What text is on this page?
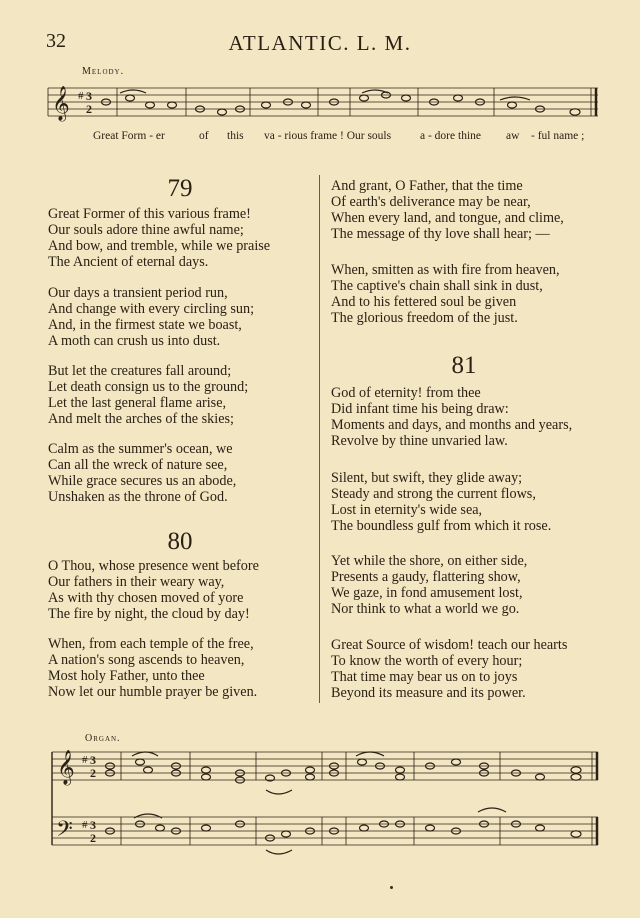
32	ATLANTIC. L. M.
Melody.
𝄞 # 3
2
Great Form - er	of this va - rious frame ! Our souls	a - dore thine aw - ful name ;
79
Great Former of this various frame!
Our souls adore thine awful name;
And bow, and tremble, while we praise
The Ancient of eternal days.
Our days a transient period run,
And change with every circling sun;
And, in the firmest state we boast,
A moth can crush us into dust.
But let the creatures fall around;
Let death consign us to the ground;
Let the last general flame arise,
And melt the arches of the skies;
Calm as the summer's ocean, we
Can all the wreck of nature see,
While grace secures us an abode,
Unshaken as the throne of God.
80
O Thou, whose presence went before
Our fathers in their weary way,
As with thy chosen moved of yore
The fire by night, the cloud by day!
When, from each temple of the free,
A nation's song ascends to heaven,
Most holy Father, unto thee
Now let our humble prayer be given.
And grant, O Father, that the time
Of earth's deliverance may be near,
When every land, and tongue, and clime,
The message of thy love shall hear; —
When, smitten as with fire from heaven,
The captive's chain shall sink in dust,
And to his fettered soul be given
The glorious freedom of the just.
81
God of eternity! from thee
Did infant time his being draw:
Moments and days, and months and years,
Revolve by thine unvaried law.
Silent, but swift, they glide away;
Steady and strong the current flows,
Lost in eternity's wide sea,
The boundless gulf from which it rose.
Yet while the shore, on either side,
Presents a gaudy, flattering show,
We gaze, in fond amusement lost,
Nor think to what a world we go.
Great Source of wisdom! teach our hearts
To know the worth of every hour;
That time may bear us on to joys
Beyond its measure and its power.
Organ.
𝄞
𝄢
#
#
3
2
3
2
